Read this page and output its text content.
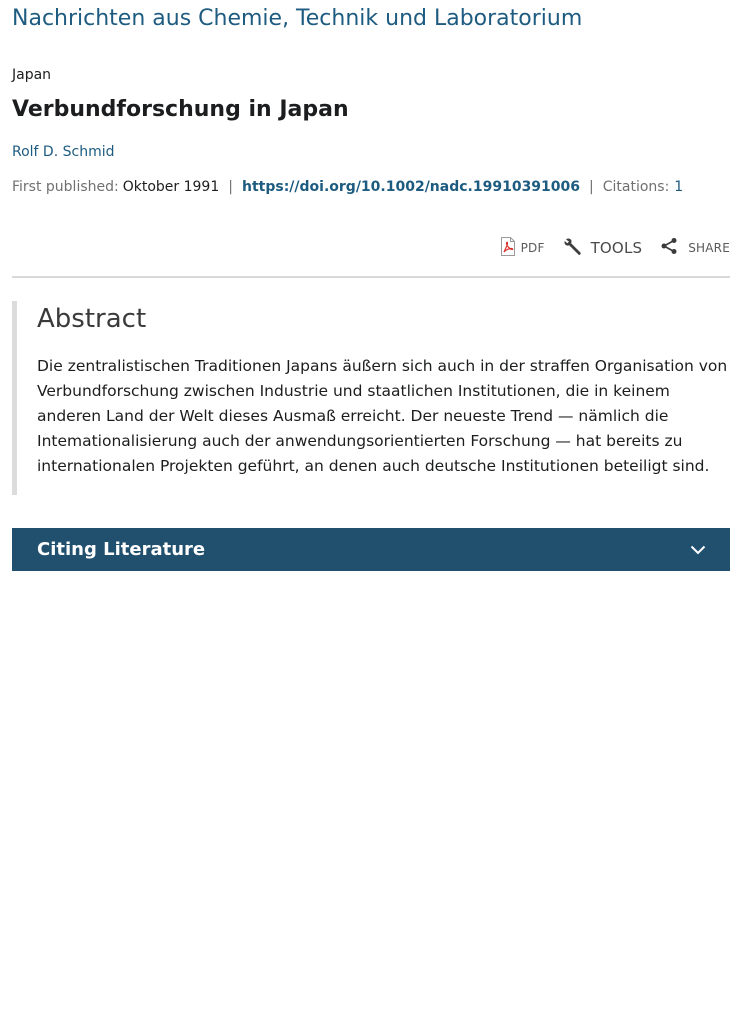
Nachrichten aus Chemie, Technik und Laboratorium
Japan
Verbundforschung in Japan
Rolf D. Schmid
First published: Oktober 1991 | https://doi.org/10.1002/nadc.19910391006 | Citations: 1
PDF	TOOLS	SHARE
Abstract

Die zentralistischen Traditionen Japans äußern sich auch in der straffen Organisation von Verbundforschung zwischen Industrie und staatlichen Institutionen, die in keinem anderen Land der Welt dieses Ausmaß erreicht. Der neueste Trend — nämlich die Intemationalisierung auch der anwendungsorientierten Forschung — hat bereits zu internationalen Projekten geführt, an denen auch deutsche Institutionen beteiligt sind.

Citing Literature
